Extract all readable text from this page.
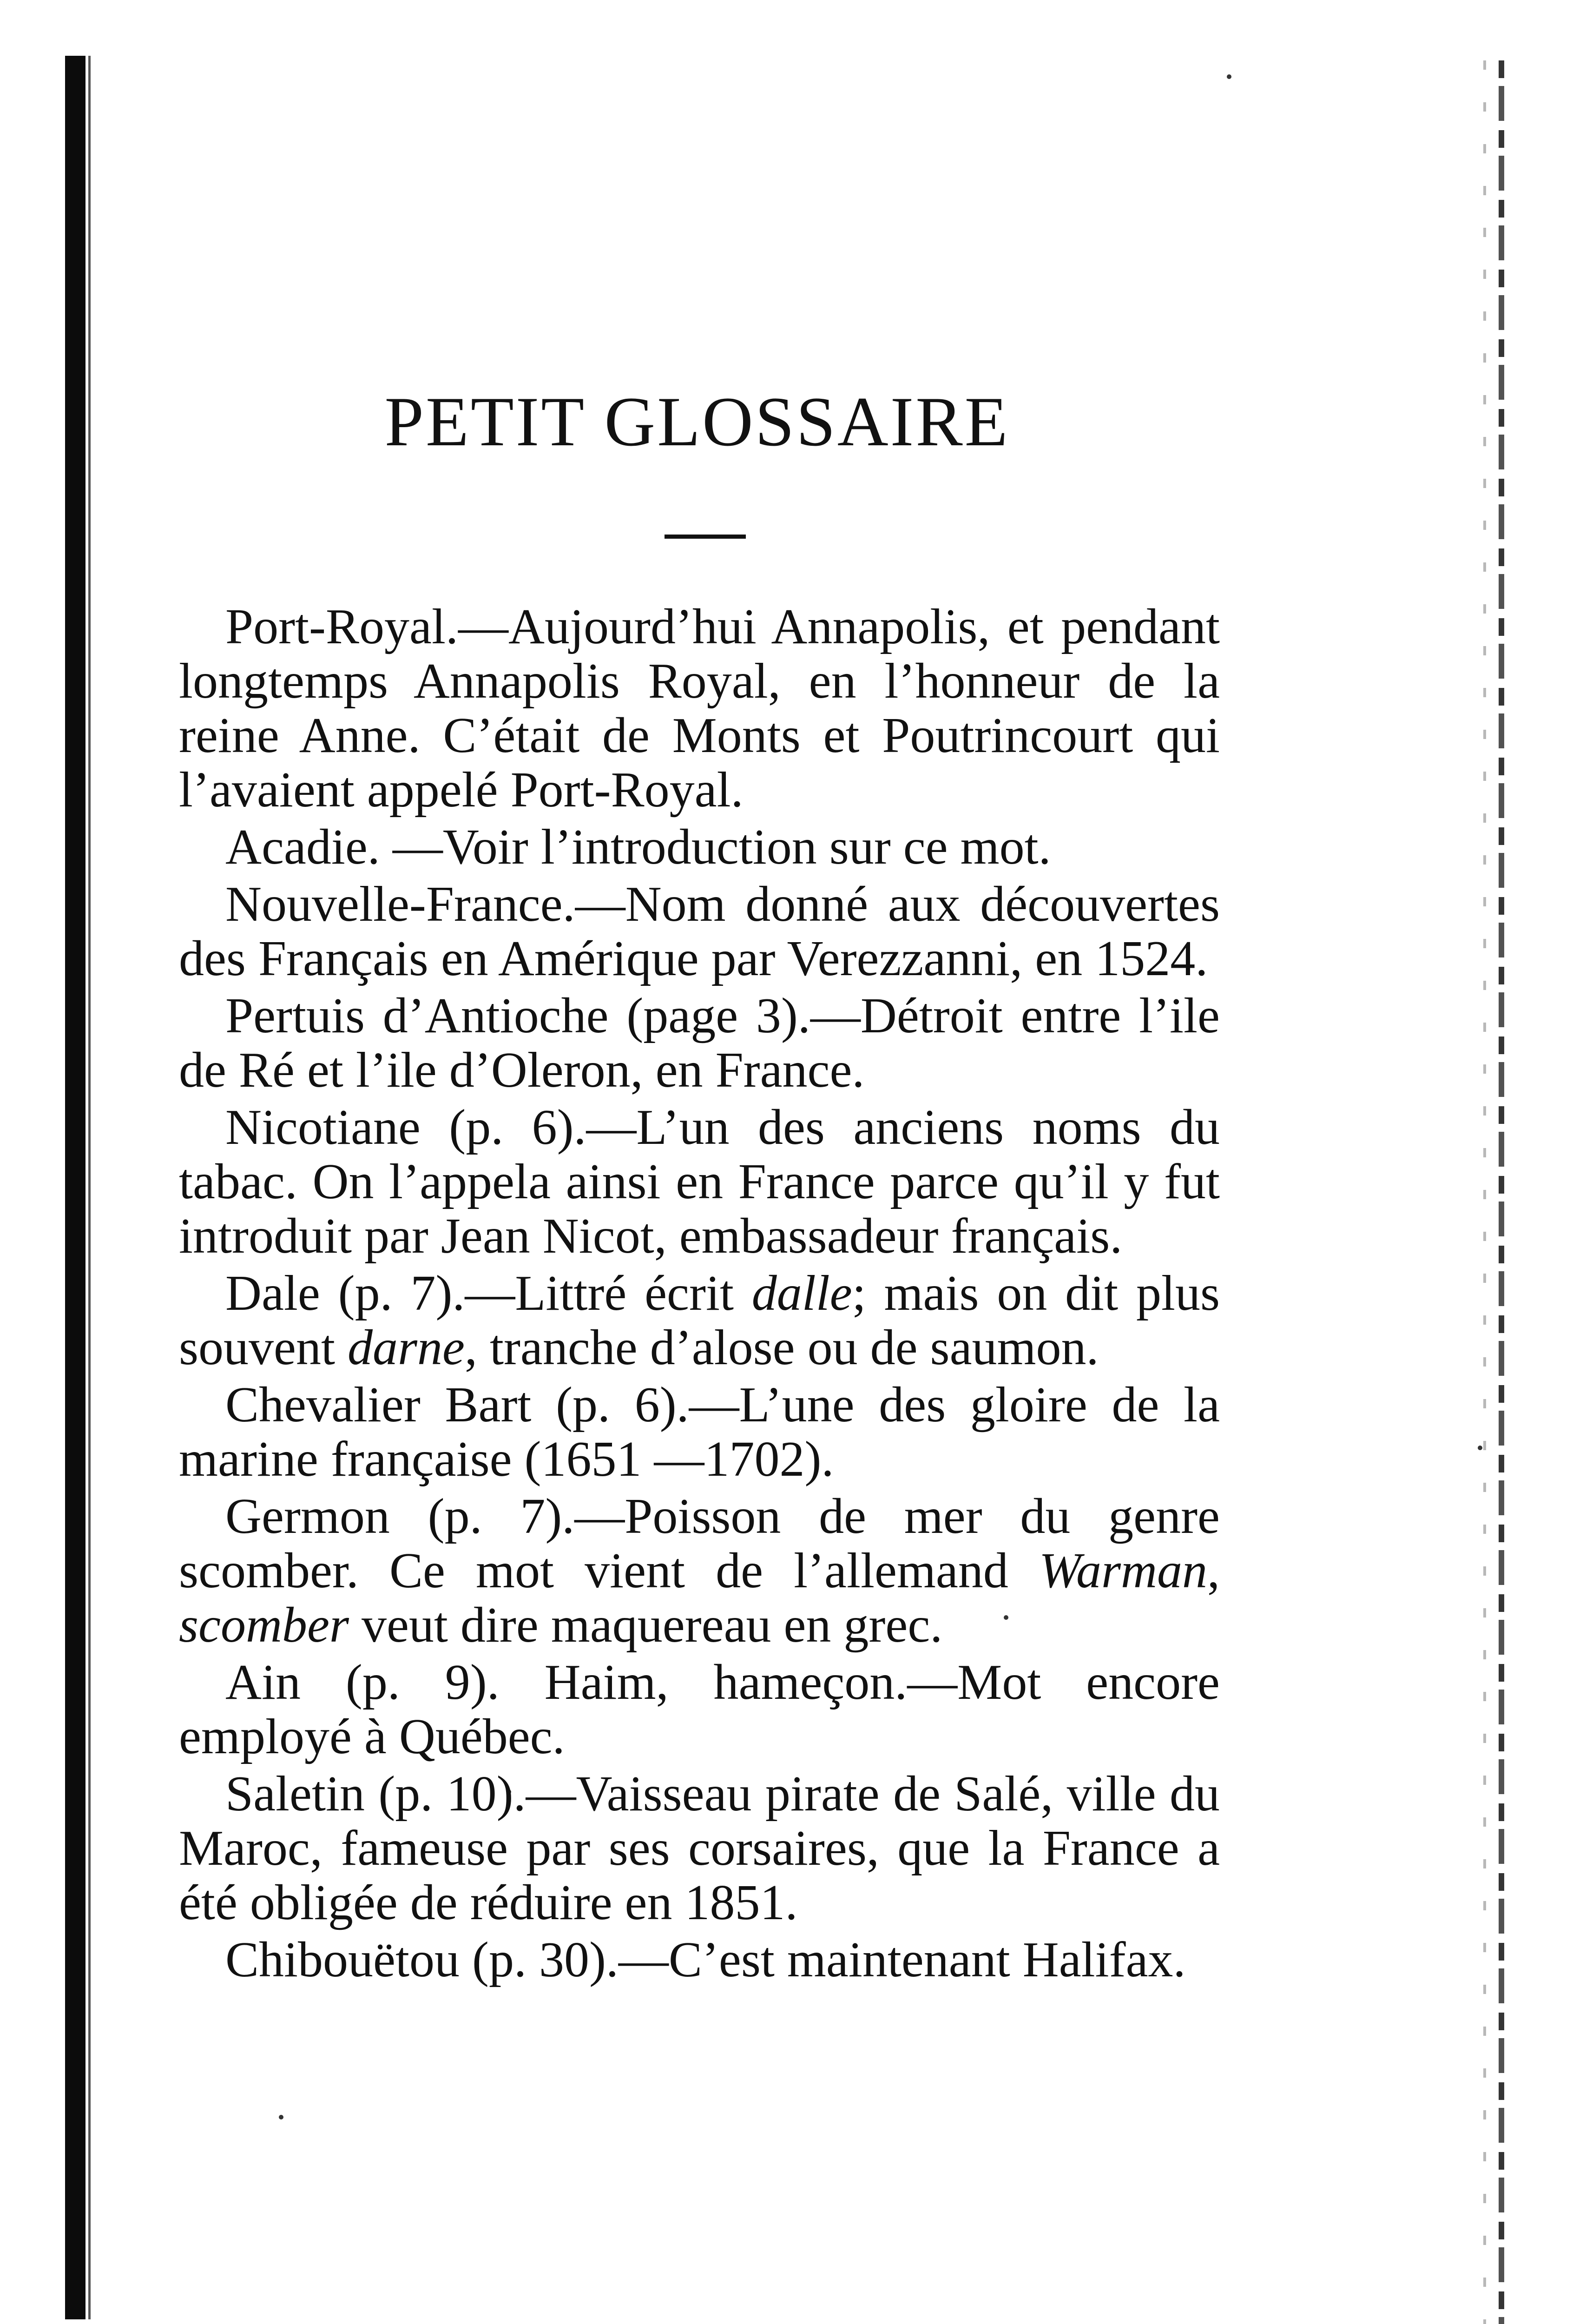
PETIT GLOSSAIRE

Port-Royal.—Aujourd’hui Annapolis, et pendant longtemps Annapolis Royal, en l’honneur de la reine Anne. C’était de Monts et Poutrincourt qui l’avaient appelé Port-Royal.

Acadie. —Voir l’introduction sur ce mot.

Nouvelle-France.—Nom donné aux découvertes des Français en Amérique par Verezzanni, en 1524.

Pertuis d’Antioche (page 3).—Détroit entre l’ile de Ré et l’ile d’Oleron, en France.

Nicotiane (p. 6).—L’un des anciens noms du tabac. On l’appela ainsi en France parce qu’il y fut introduit par Jean Nicot, embassadeur français.

Dale (p. 7).—Littré écrit dalle; mais on dit plus souvent darne, tranche d’alose ou de saumon.

Chevalier Bart (p. 6).—L’une des gloire de la marine française (1651 —1702).

Germon (p. 7).—Poisson de mer du genre scomber. Ce mot vient de l’allemand Warman, scomber veut dire maquereau en grec.

Ain (p. 9). Haim, hameçon.—Mot encore employé à Québec.

Saletin (p. 10).—Vaisseau pirate de Salé, ville du Maroc, fameuse par ses corsaires, que la France a été obligée de réduire en 1851.

Chibouëtou (p. 30).—C’est maintenant Halifax.
